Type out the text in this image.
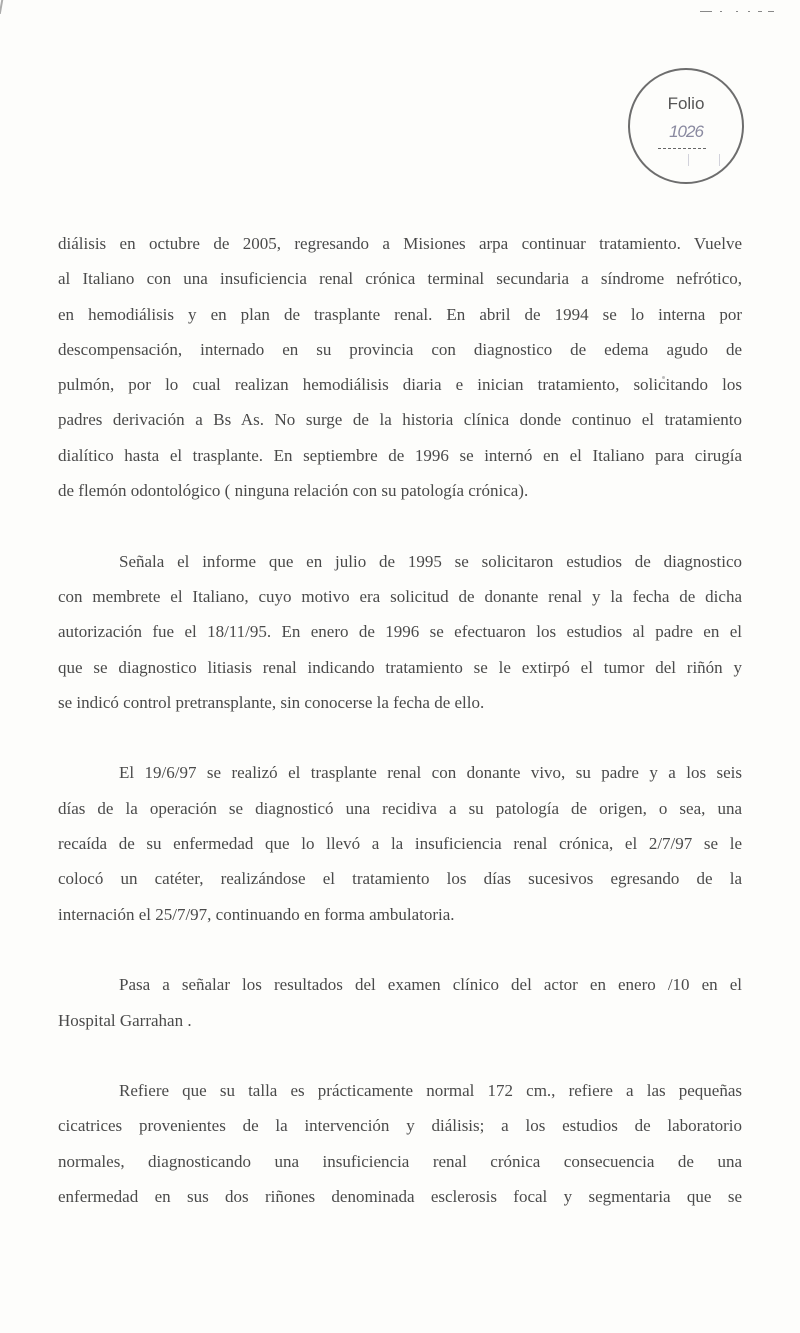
Folio
1026
diálisis en octubre de 2005, regresando a Misiones arpa continuar tratamiento. Vuelve
al Italiano con una insuficiencia renal crónica terminal secundaria a síndrome nefrótico,
en hemodiálisis y en plan de trasplante renal. En abril de 1994 se lo interna por
descompensación, internado en su provincia con diagnostico de edema agudo de
pulmón, por lo cual realizan hemodiálisis diaria e inician tratamiento, solicitando los
padres derivación a Bs As. No surge de la historia clínica donde continuo el tratamiento
dialítico hasta el trasplante. En septiembre de 1996 se internó en el Italiano para cirugía
de flemón odontológico ( ninguna relación con su patología crónica).
Señala el informe que en julio de 1995 se solicitaron estudios de diagnostico
con membrete el Italiano, cuyo motivo era solicitud de donante renal y la fecha de dicha
autorización fue el 18/11/95. En enero de 1996 se efectuaron los estudios al padre en el
que se diagnostico litiasis renal indicando tratamiento se le extirpó el tumor del riñón y
se indicó control pretransplante, sin conocerse la fecha de ello.
El 19/6/97 se realizó el trasplante renal con donante vivo, su padre y a los seis
días de la operación se diagnosticó una recidiva a su patología de origen, o sea, una
recaída de su enfermedad que lo llevó a la insuficiencia renal crónica, el 2/7/97 se le
colocó un catéter, realizándose el tratamiento los días sucesivos egresando de la
internación el 25/7/97, continuando en forma ambulatoria.
Pasa a señalar los resultados del examen clínico del actor en enero /10 en el
Hospital Garrahan .
Refiere que su talla es prácticamente normal 172 cm., refiere a las pequeñas
cicatrices provenientes de la intervención y diálisis; a los estudios de laboratorio
normales, diagnosticando una insuficiencia renal crónica consecuencia de una
enfermedad en sus dos riñones denominada esclerosis focal y segmentaria que se
